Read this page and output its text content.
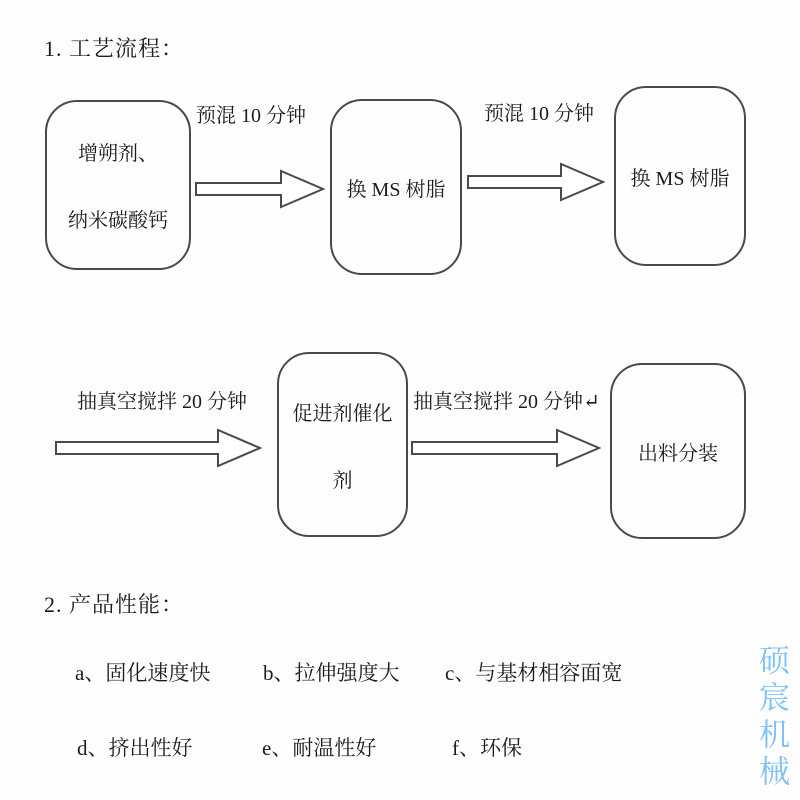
1. 工艺流程：
增朔剂、
纳米碳酸钙
预混 10 分钟
换 MS 树脂
预混 10 分钟
换 MS 树脂
抽真空搅拌 20 分钟
促进剂催化
剂
抽真空搅拌 20 分钟↵
出料分装
2. 产品性能：
a、固化速度快	b、拉伸强度大 c、与基材相容面宽
d、挤出性好	e、耐温性好	f、环保	硕宸机械
